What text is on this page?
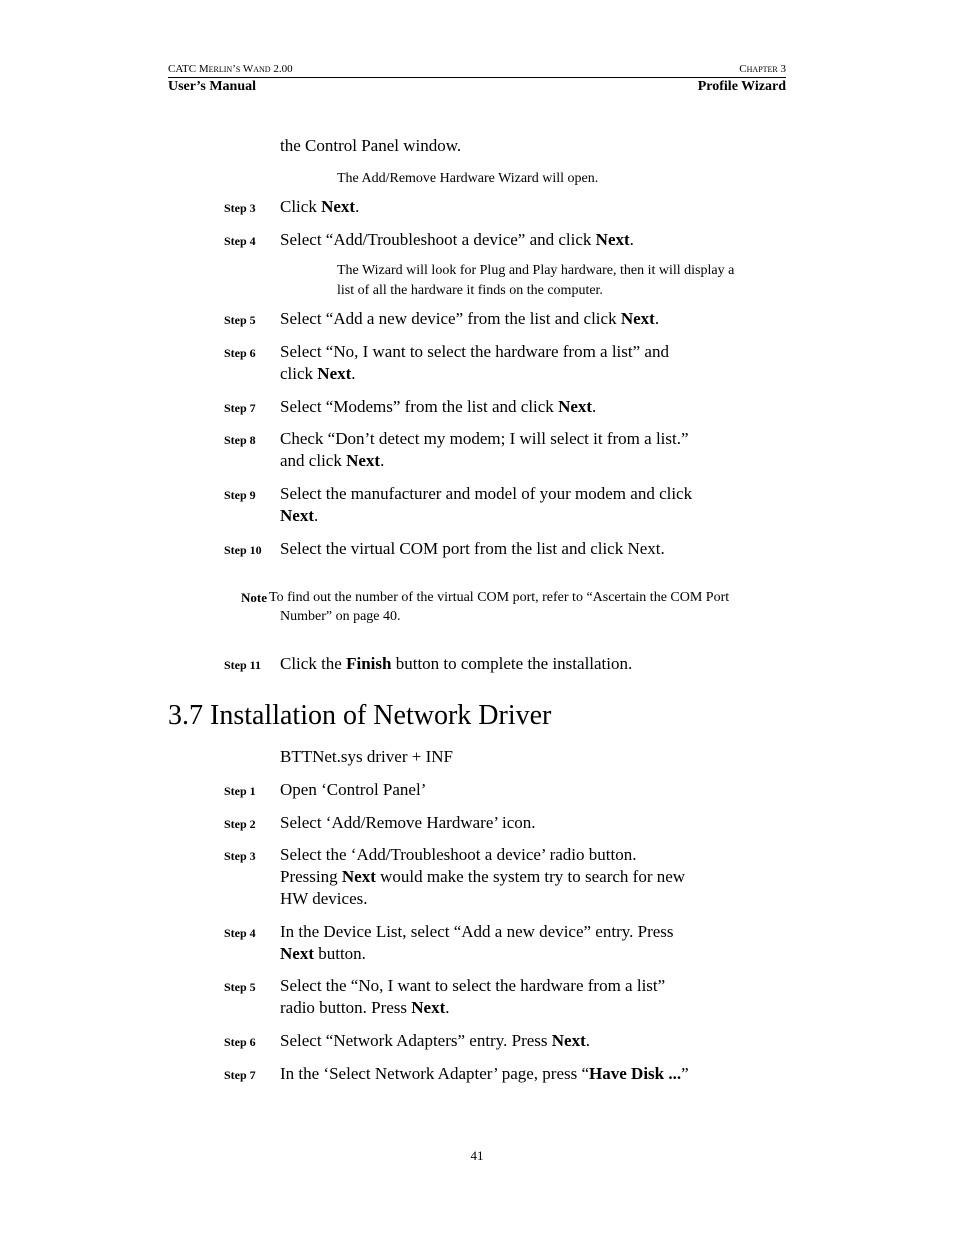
CATC Merlin’s Wand 2.00	Chapter 3
User’s Manual	Profile Wizard
the Control Panel window.
The Add/Remove Hardware Wizard will open.
Step 3 Click Next.
Step 4 Select “Add/Troubleshoot a device” and click Next.
The Wizard will look for Plug and Play hardware, then it will display a
list of all the hardware it finds on the computer.
Step 5 Select “Add a new device” from the list and click Next.
Step 6 Select “No, I want to select the hardware from a list” and
click Next.
Step 7 Select “Modems” from the list and click Next.
Step 8 Check “Don’t detect my modem; I will select it from a list.”
and click Next.
Step 9 Select the manufacturer and model of your modem and click
Next.
Step 10 Select the virtual COM port from the list and click Next.
Note To find out the number of the virtual COM port, refer to “Ascertain the COM Port
Number” on page 40.
Step 11 Click the Finish button to complete the installation.
3.7 Installation of Network Driver
BTTNet.sys driver + INF
Step 1 Open ‘Control Panel’
Step 2 Select ‘Add/Remove Hardware’ icon.
Step 3 Select the ‘Add/Troubleshoot a device’ radio button.
Pressing Next would make the system try to search for new
HW devices.
Step 4 In the Device List, select “Add a new device” entry. Press
Next button.
Step 5 Select the “No, I want to select the hardware from a list”
radio button. Press Next.
Step 6 Select “Network Adapters” entry. Press Next.
Step 7 In the ‘Select Network Adapter’ page, press “Have Disk ...”
41
